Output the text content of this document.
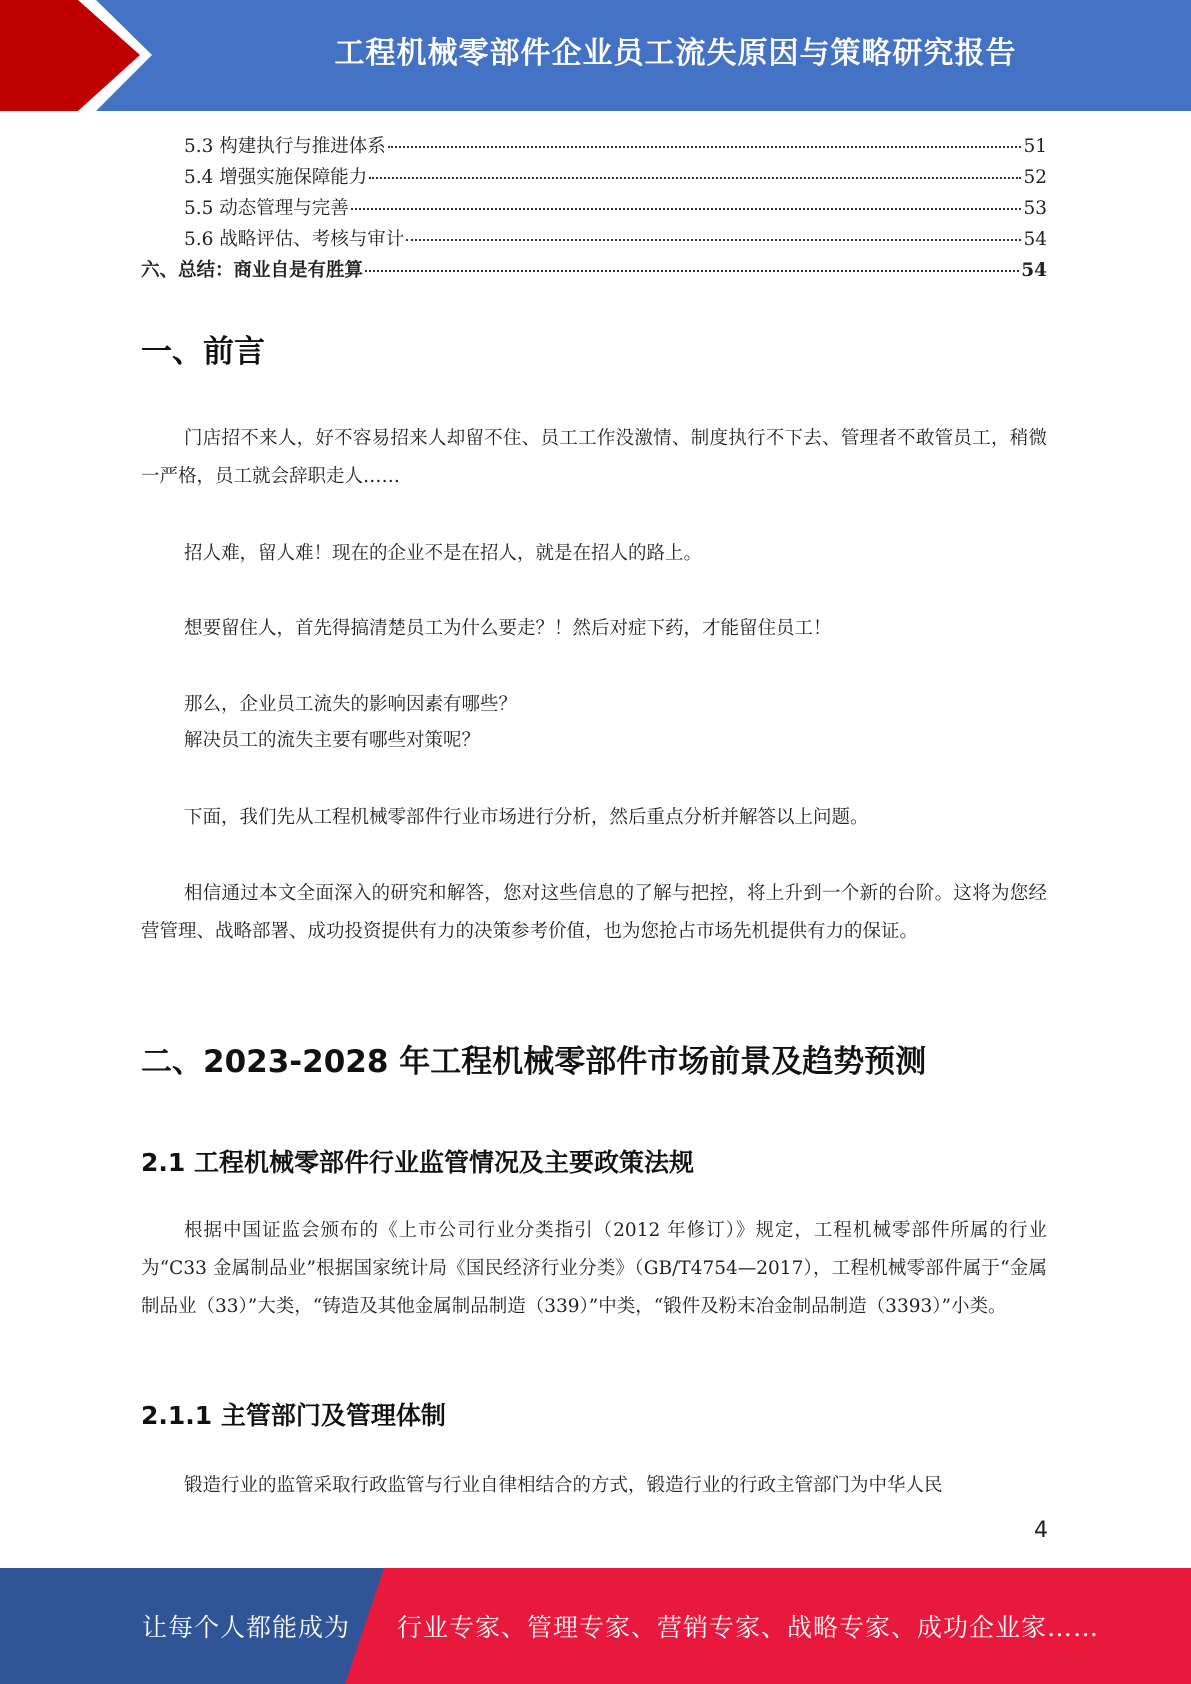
工程机械零部件企业员工流失原因与策略研究报告
5.3 构建执行与推进体系	51
5.4 增强实施保障能力	52
5.5 动态管理与完善	53
5.6 战略评估、考核与审计	54
六、总结：商业自是有胜算	54
一、前言

门店招不来人，好不容易招来人却留不住、员工工作没激情、制度执行不下去、管理者不敢管员工，稍微一严格，员工就会辞职走人……

招人难，留人难！现在的企业不是在招人，就是在招人的路上。

想要留住人，首先得搞清楚员工为什么要走？！然后对症下药，才能留住员工！

那么，企业员工流失的影响因素有哪些？

解决员工的流失主要有哪些对策呢？

下面，我们先从工程机械零部件行业市场进行分析，然后重点分析并解答以上问题。

相信通过本文全面深入的研究和解答，您对这些信息的了解与把控，将上升到一个新的台阶。这将为您经营管理、战略部署、成功投资提供有力的决策参考价值，也为您抢占市场先机提供有力的保证。

二、2023-2028 年工程机械零部件市场前景及趋势预测
2.1 工程机械零部件行业监管情况及主要政策法规

根据中国证监会颁布的《上市公司行业分类指引（2012 年修订）》规定，工程机械零部件所属的行业为“C33 金属制品业”根据国家统计局《国民经济行业分类》（GB/T4754—2017），工程机械零部件属于“金属制品业（33）”大类，“铸造及其他金属制品制造（339）”中类，“锻件及粉末冶金制品制造（3393）”小类。

2.1.1 主管部门及管理体制

锻造行业的监管采取行政监管与行业自律相结合的方式，锻造行业的行政主管部门为中华人民

4
让每个人都能成为 行业专家、管理专家、营销专家、战略专家、成功企业家……
